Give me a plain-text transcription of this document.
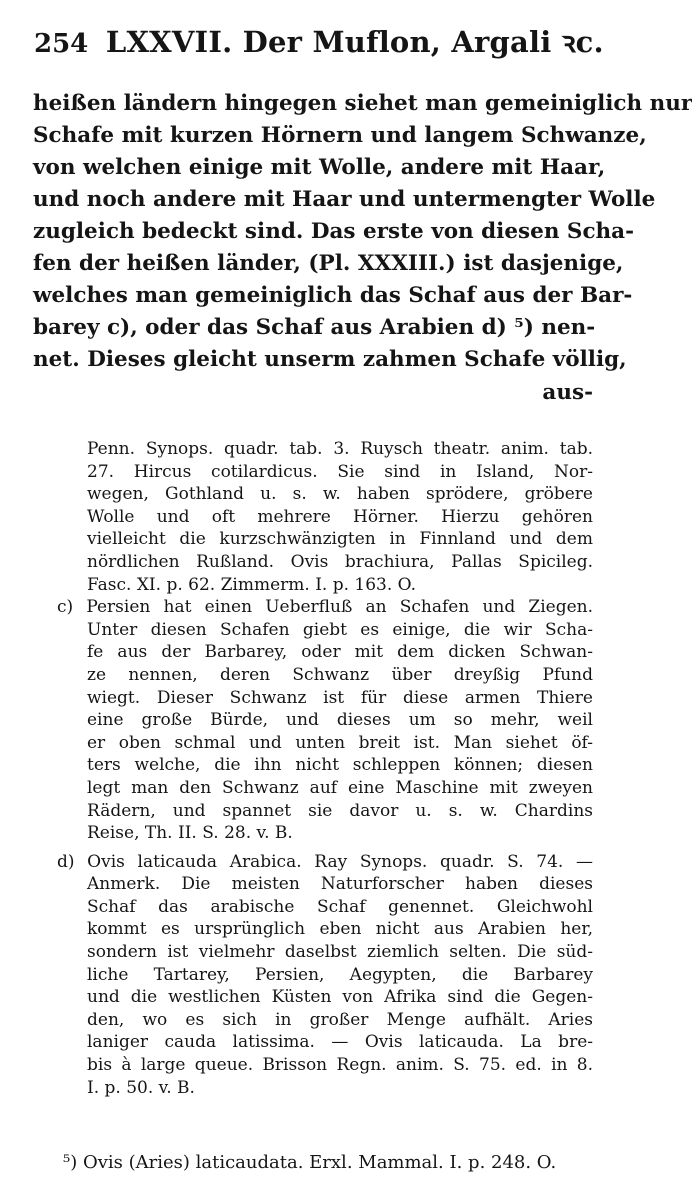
254 LXXVII. Der Muflon, Argali ꝛc.
heißen ländern hingegen siehet man gemeiniglich nur
Schafe mit kurzen Hörnern und langem Schwanze,
von welchen einige mit Wolle, andere mit Haar,
und noch andere mit Haar und untermengter Wolle
zugleich bedeckt sind. Das erste von diesen Scha-
fen der heißen länder, (Pl. XXXIII.) ist dasjenige,
welches man gemeiniglich das Schaf aus der Bar-
barey c), oder das Schaf aus Arabien d) ⁵) nen-
net. Dieses gleicht unserm zahmen Schafe völlig,
aus-
Penn. Synops. quadr. tab. 3. Ruysch theatr. anim. tab.
27. Hircus cotilardicus. Sie sind in Island, Nor-
wegen, Gothland u. s. w. haben sprödere, gröbere
Wolle und oft mehrere Hörner. Hierzu gehören
vielleicht die kurzschwänzigten in Finnland und dem
nördlichen Rußland. Ovis brachiura, Pallas Spicileg.
Fasc. XI. p. 62. Zimmerm. I. p. 163. O.
c) Persien hat einen Ueberfluß an Schafen und Ziegen.
Unter diesen Schafen giebt es einige, die wir Scha-
fe aus der Barbarey, oder mit dem dicken Schwan-
ze nennen, deren Schwanz über dreyßig Pfund
wiegt. Dieser Schwanz ist für diese armen Thiere
eine große Bürde, und dieses um so mehr, weil
er oben schmal und unten breit ist. Man siehet öf-
ters welche, die ihn nicht schleppen können; diesen
legt man den Schwanz auf eine Maschine mit zweyen
Rädern, und spannet sie davor u. s. w. Chardins
Reise, Th. II. S. 28. v. B.
d) Ovis laticauda Arabica. Ray Synops. quadr. S. 74. —
Anmerk. Die meisten Naturforscher haben dieses
Schaf das arabische Schaf genennet. Gleichwohl
kommt es ursprünglich eben nicht aus Arabien her,
sondern ist vielmehr daselbst ziemlich selten. Die süd-
liche Tartarey, Persien, Aegypten, die Barbarey
und die westlichen Küsten von Afrika sind die Gegen-
den, wo es sich in großer Menge aufhält. Aries
laniger cauda latissima. — Ovis laticauda. La bre-
bis à large queue. Brisson Regn. anim. S. 75. ed. in 8.
I. p. 50. v. B.
⁵) Ovis (Aries) laticaudata. Erxl. Mammal. I. p. 248. O.
